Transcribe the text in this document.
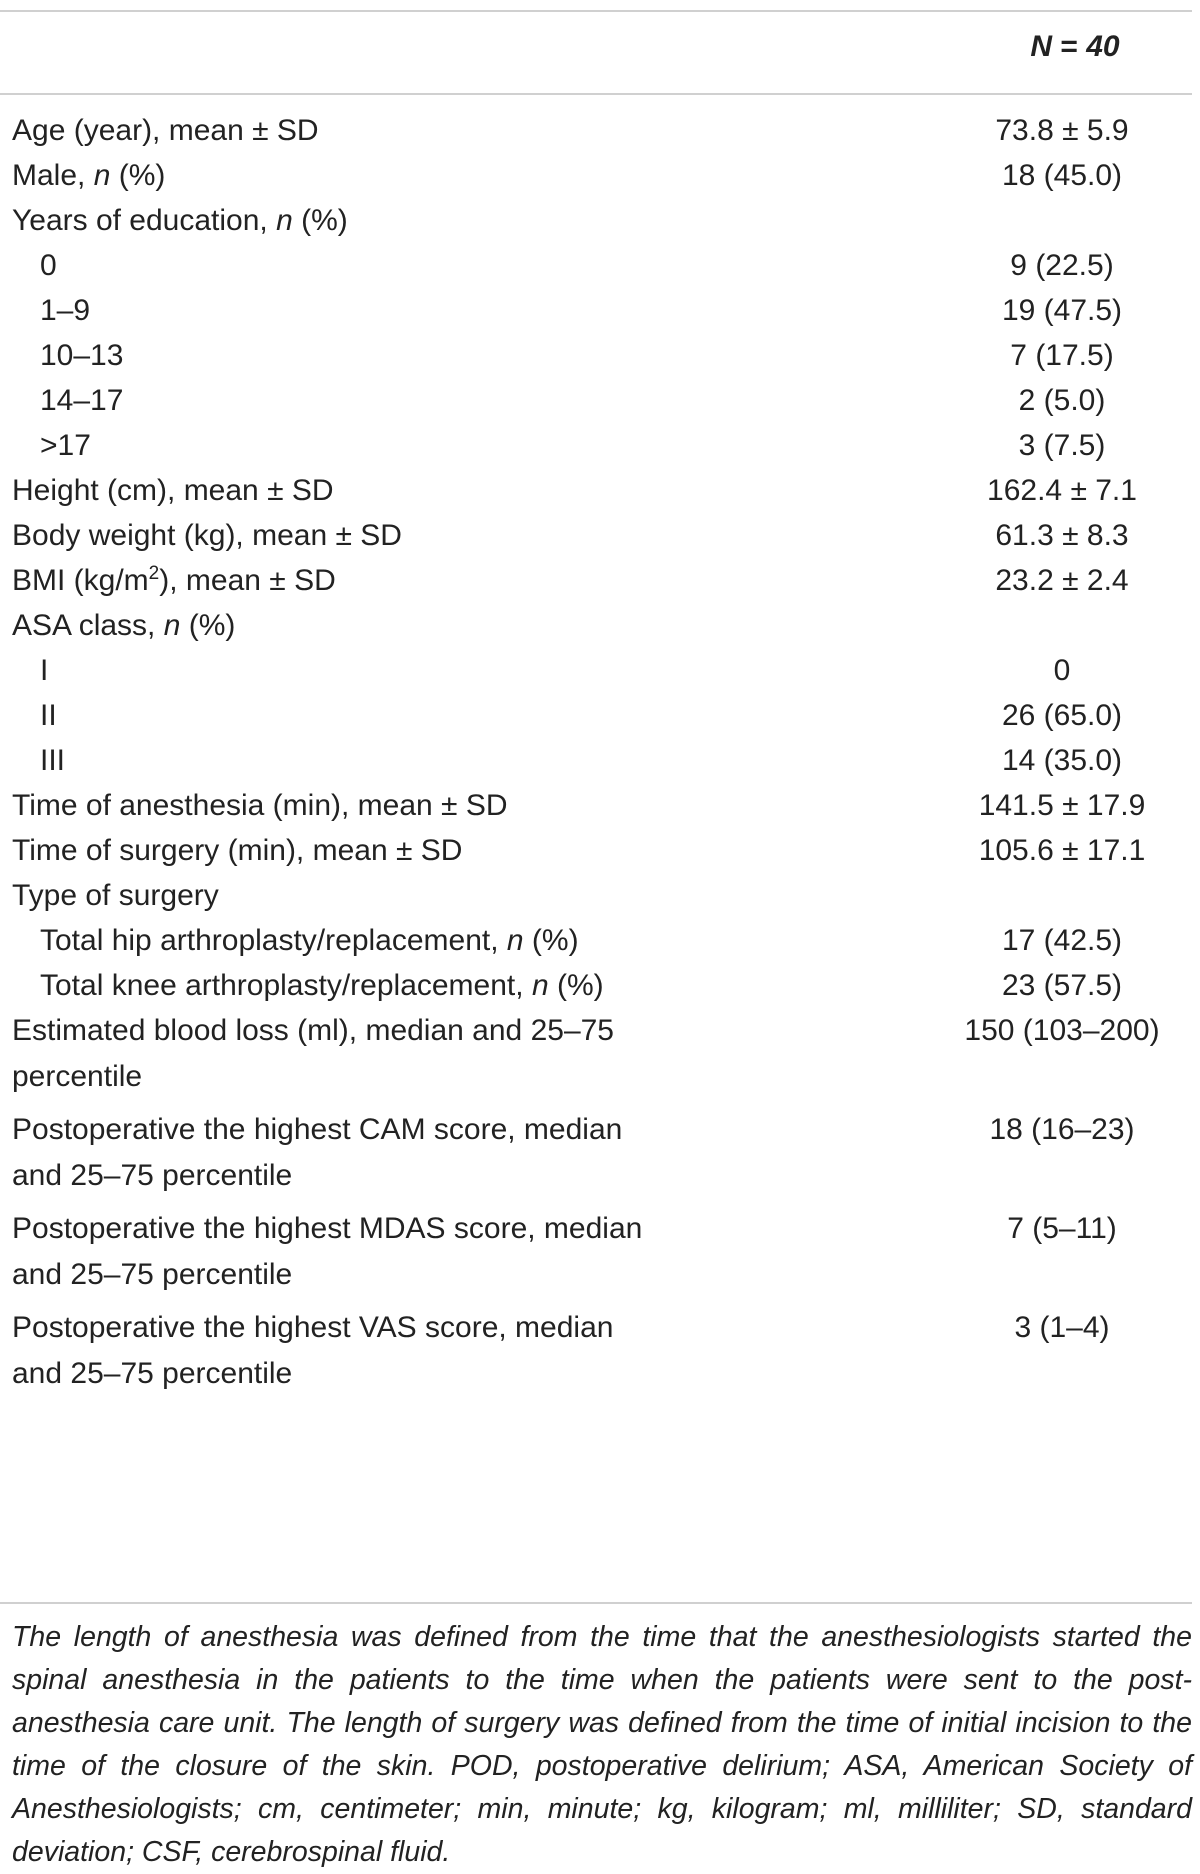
N = 40
Age (year), mean ± SD	73.8 ± 5.9
Male, n (%)	18 (45.0)
Years of education, n (%)	
0	9 (22.5)
1–9	19 (47.5)
10–13	7 (17.5)
14–17	2 (5.0)
>17	3 (7.5)
Height (cm), mean ± SD	162.4 ± 7.1
Body weight (kg), mean ± SD	61.3 ± 8.3
BMI $(kg/m^2)$, mean ± SD	23.2 ± 2.4
ASA class, n (%)	
I	0
II	26 (65.0)
III	14 (35.0)
Time of anesthesia (min), mean ± SD	141.5 ± 17.9
Time of surgery (min), mean ± SD	105.6 ± 17.1
Type of surgery	
Total hip arthroplasty/replacement, n (%)	17 (42.5)
Total knee arthroplasty/replacement, n (%)	23 (57.5)
Estimated blood loss (ml), median and 25–75
percentile	150 (103–200)
Postoperative the highest CAM score, median
and 25–75 percentile	18 (16–23)
Postoperative the highest MDAS score, median
and 25–75 percentile	7 (5–11)
Postoperative the highest VAS score, median
and 25–75 percentile	3 (1–4)
The length of anesthesia was defined from the time that the anesthesiologists started the spinal anesthesia in the patients to the time when the patients were sent to the post-anesthesia care unit. The length of surgery was defined from the time of initial incision to the time of the closure of the skin. POD, postoperative delirium; ASA, American Society of Anesthesiologists; cm, centimeter; min, minute; kg, kilogram; ml, milliliter; SD, standard deviation; CSF, cerebrospinal fluid.
